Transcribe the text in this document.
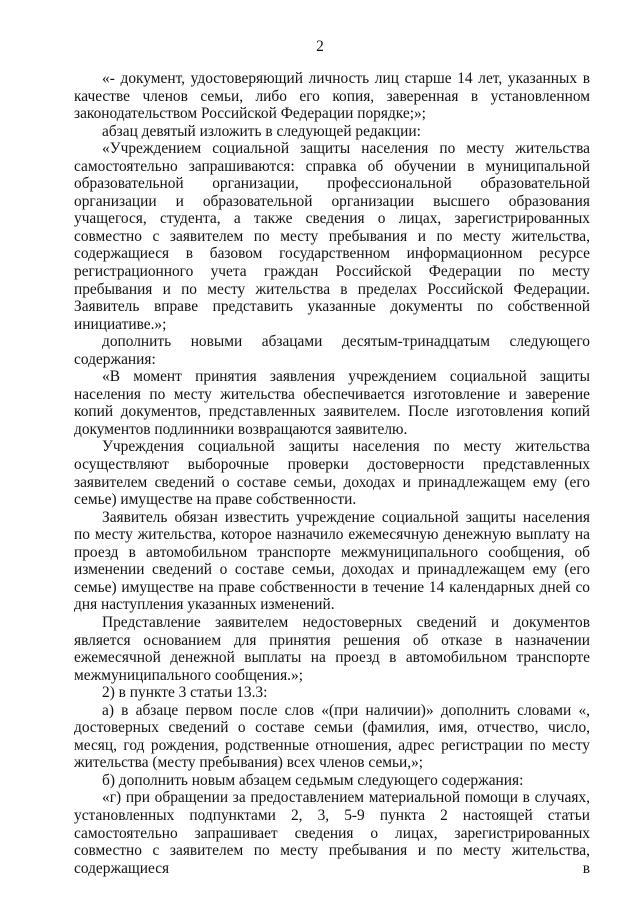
2

«- документ, удостоверяющий личность лиц старше 14 лет, указанных в качестве членов семьи, либо его копия, заверенная в установленном законодательством Российской Федерации порядке;»;

абзац девятый изложить в следующей редакции:

«Учреждением социальной защиты населения по месту жительства самостоятельно запрашиваются: справка об обучении в муниципальной образовательной организации, профессиональной образовательной организации и образовательной организации высшего образования учащегося, студента, а также сведения о лицах, зарегистрированных совместно с заявителем по месту пребывания и по месту жительства, содержащиеся в базовом государственном информационном ресурсе регистрационного учета граждан Российской Федерации по месту пребывания и по месту жительства в пределах Российской Федерации. Заявитель вправе представить указанные документы по собственной инициативе.»;

дополнить новыми абзацами десятым-тринадцатым следующего содержания:

«В момент принятия заявления учреждением социальной защиты населения по месту жительства обеспечивается изготовление и заверение копий документов, представленных заявителем. После изготовления копий документов подлинники возвращаются заявителю.

Учреждения социальной защиты населения по месту жительства осуществляют выборочные проверки достоверности представленных заявителем сведений о составе семьи, доходах и принадлежащем ему (его семье) имуществе на праве собственности.

Заявитель обязан известить учреждение социальной защиты населения по месту жительства, которое назначило ежемесячную денежную выплату на проезд в автомобильном транспорте межмуниципального сообщения, об изменении сведений о составе семьи, доходах и принадлежащем ему (его семье) имуществе на праве собственности в течение 14 календарных дней со дня наступления указанных изменений.

Представление заявителем недостоверных сведений и документов является основанием для принятия решения об отказе в назначении ежемесячной денежной выплаты на проезд в автомобильном транспорте межмуниципального сообщения.»;

2) в пункте 3 статьи 13.3:

а) в абзаце первом после слов «(при наличии)» дополнить словами «, достоверных сведений о составе семьи (фамилия, имя, отчество, число, месяц, год рождения, родственные отношения, адрес регистрации по месту жительства (месту пребывания) всех членов семьи,»;

б) дополнить новым абзацем седьмым следующего содержания:

«г) при обращении за предоставлением материальной помощи в случаях, установленных подпунктами 2, 3, 5-9 пункта 2 настоящей статьи самостоятельно запрашивает сведения о лицах, зарегистрированных совместно с заявителем по месту пребывания и по месту жительства, содержащиеся в
